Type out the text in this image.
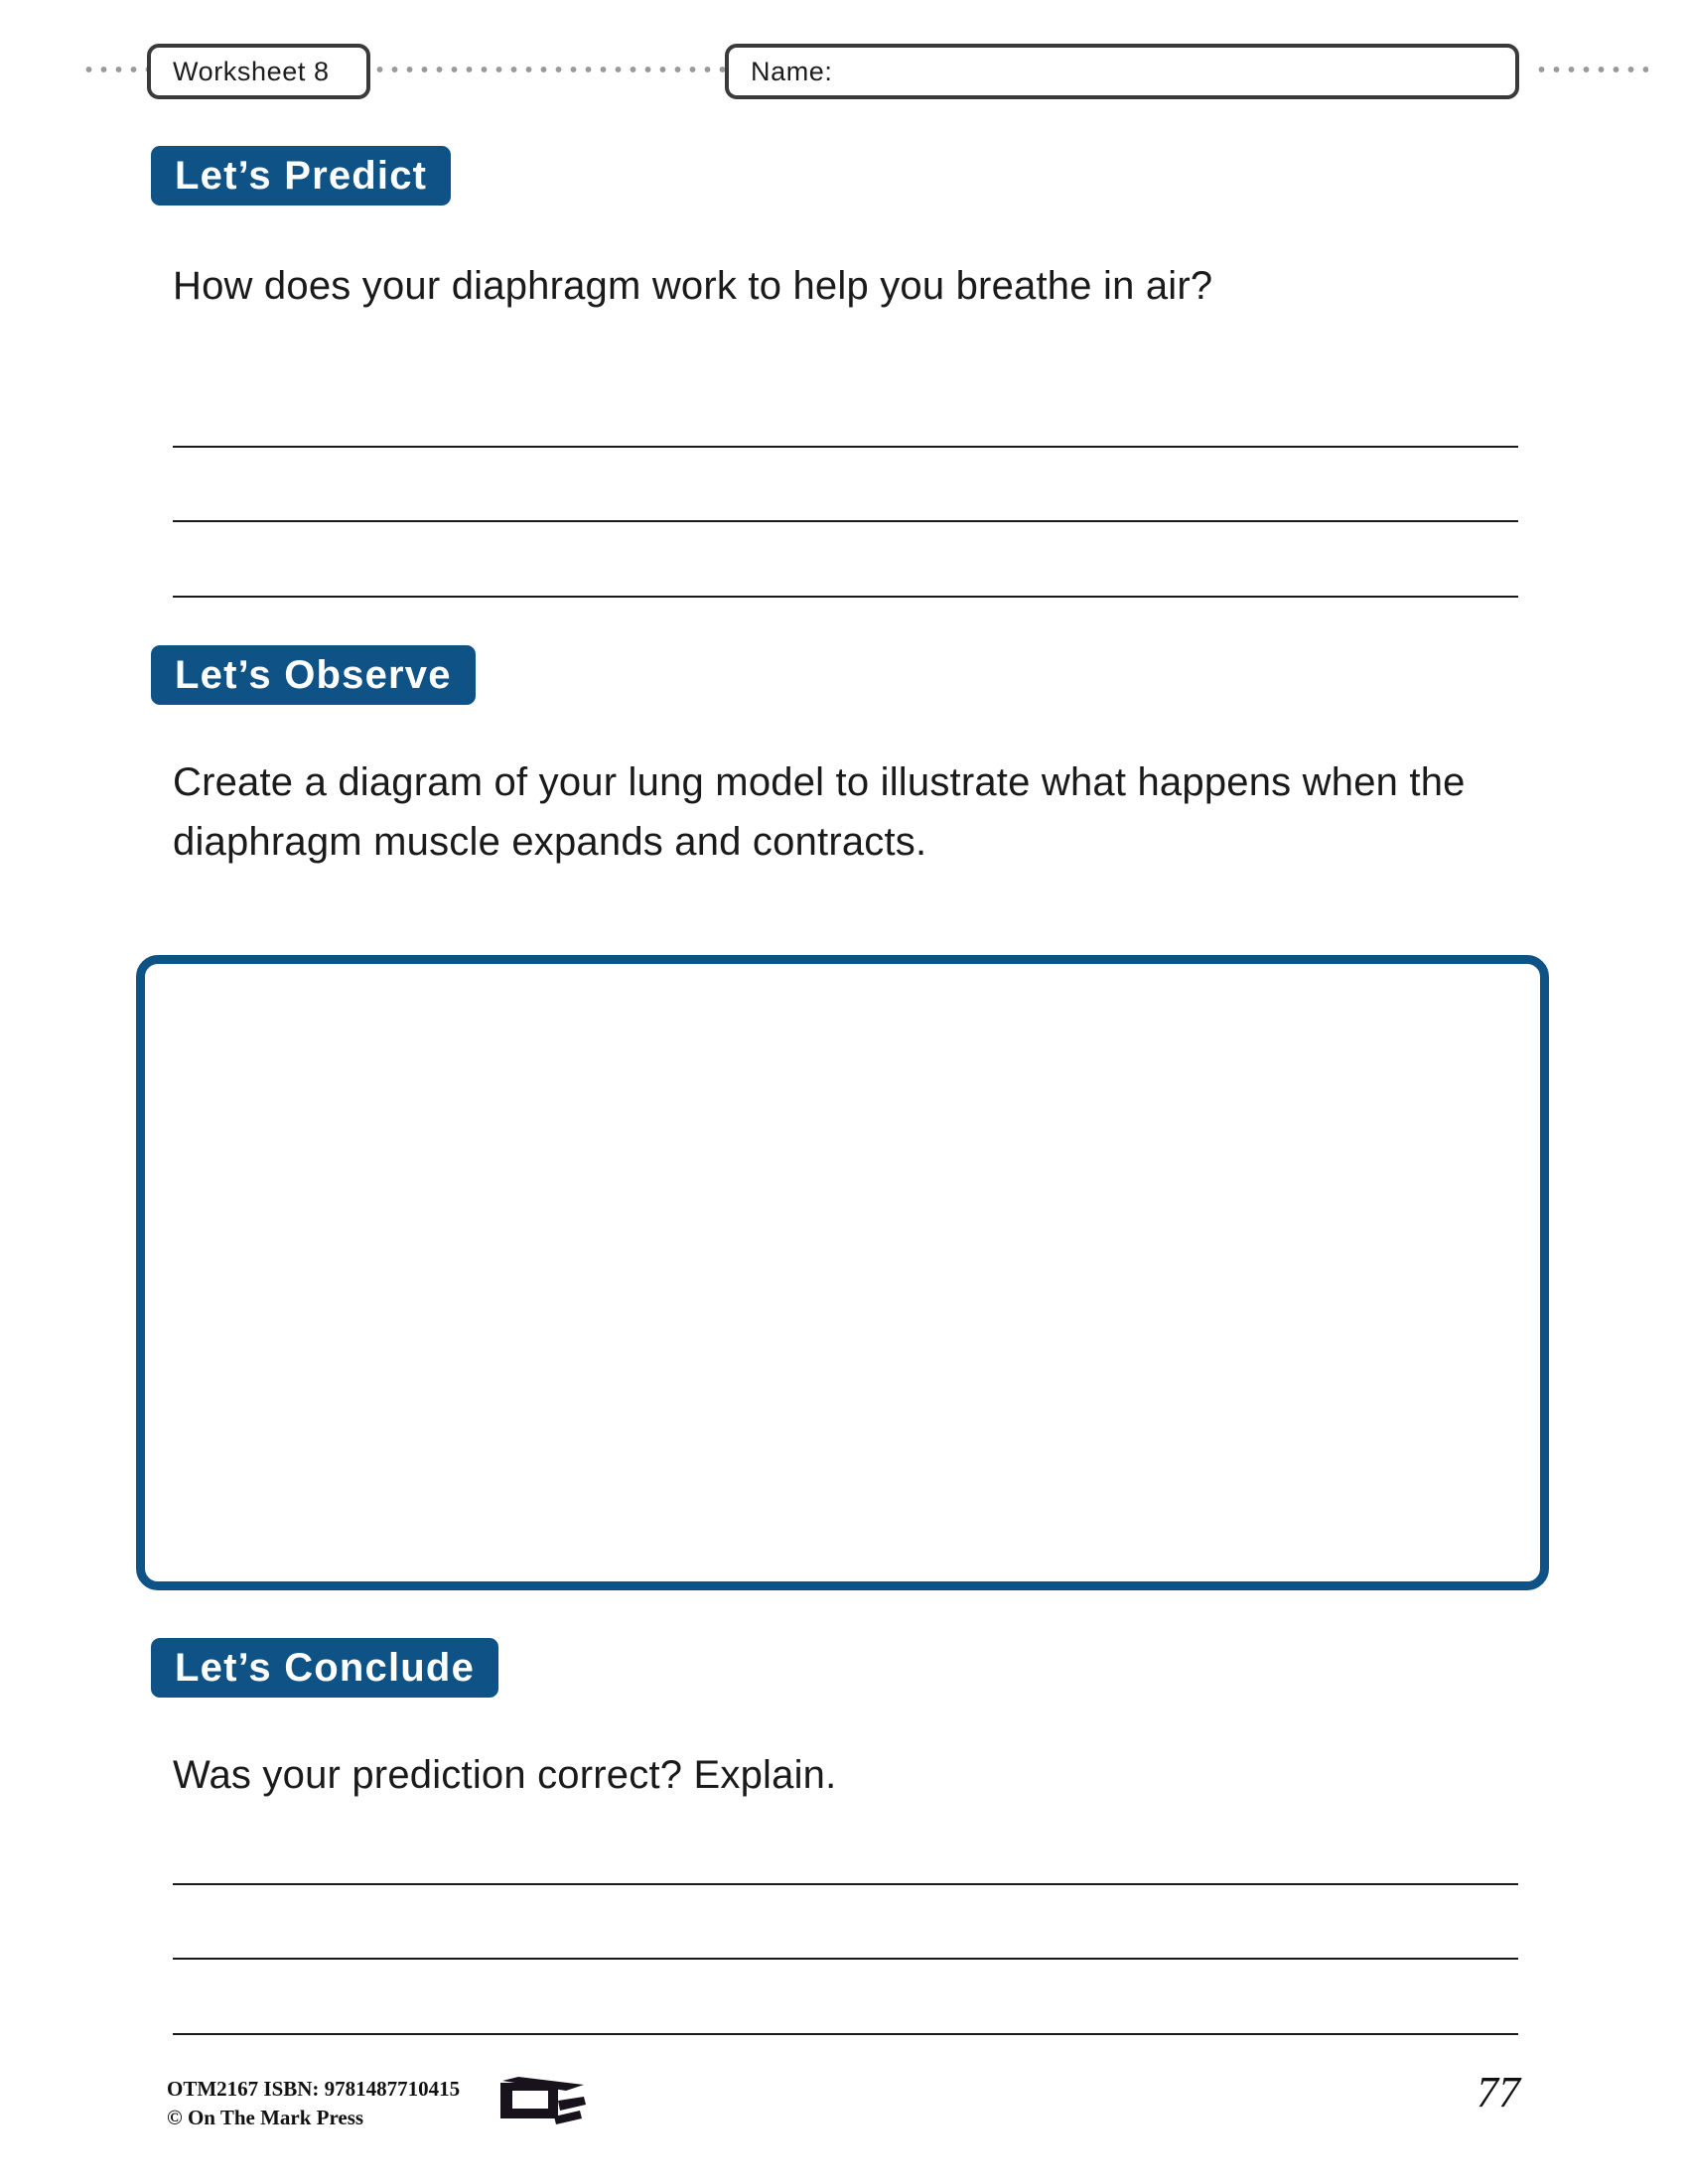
Worksheet 8	Name:
Let’s Predict
How does your diaphragm work to help you breathe in air?
Let’s Observe
Create a diagram of your lung model to illustrate what happens when the diaphragm muscle expands and contracts.
Let’s Conclude
Was your prediction correct? Explain.
OTM2167 ISBN: 9781487710415
© On The Mark Press
77
